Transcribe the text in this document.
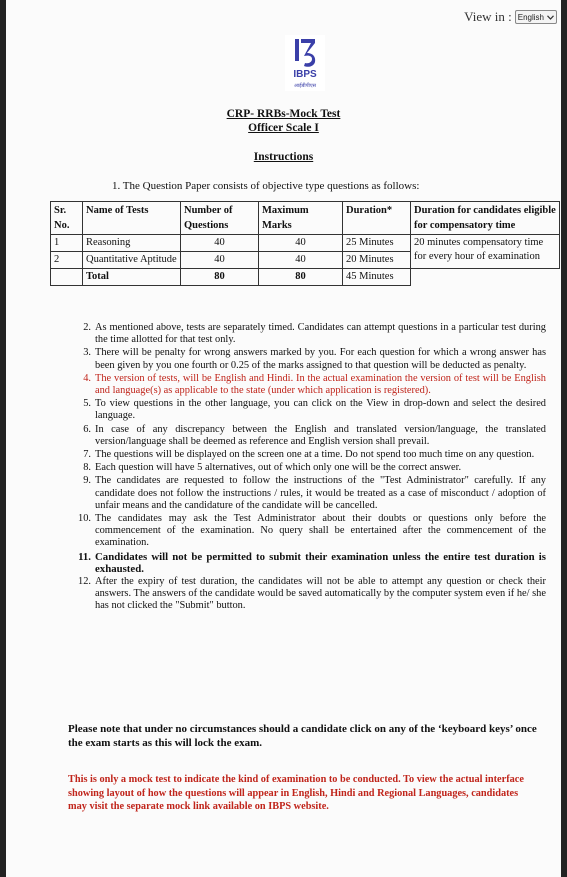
View in : English
IBPS
आईबीपीएस
CRP- RRBs-Mock Test
Officer Scale I
Instructions
1. The Question Paper consists of objective type questions as follows:
Sr. No.	Name of Tests	Number of Questions	Maximum Marks	Duration*	Duration for candidates eligible for compensatory time
1	Reasoning	40	40	25 Minutes	20 minutes compensatory time for every hour of examination
2	Quantitative Aptitude	40	40	20 Minutes	
	Total	80	80	45 Minutes	
2. As mentioned above, tests are separately timed. Candidates can attempt questions in a particular test during the time allotted for that test only.
3. There will be penalty for wrong answers marked by you. For each question for which a wrong answer has been given by you one fourth or 0.25 of the marks assigned to that question will be deducted as penalty.
4. The version of tests, will be English and Hindi. In the actual examination the version of test will be English and language(s) as applicable to the state (under which application is registered).
5. To view questions in the other language, you can click on the View in drop-down and select the desired language.
6. In case of any discrepancy between the English and translated version/language, the translated version/language shall be deemed as reference and English version shall prevail.
7. The questions will be displayed on the screen one at a time. Do not spend too much time on any question.
8. Each question will have 5 alternatives, out of which only one will be the correct answer.
9. The candidates are requested to follow the instructions of the "Test Administrator" carefully. If any candidate does not follow the instructions / rules, it would be treated as a case of misconduct / adoption of unfair means and the candidature of the candidate will be cancelled.
10. The candidates may ask the Test Administrator about their doubts or questions only before the commencement of the examination. No query shall be entertained after the commencement of the examination.
11. Candidates will not be permitted to submit their examination unless the entire test duration is exhausted.
12. After the expiry of test duration, the candidates will not be able to attempt any question or check their answers. The answers of the candidate would be saved automatically by the computer system even if he/ she has not clicked the "Submit" button.
Please note that under no circumstances should a candidate click on any of the ‘keyboard keys’ once the exam starts as this will lock the exam.
This is only a mock test to indicate the kind of examination to be conducted. To view the actual interface showing layout of how the questions will appear in English, Hindi and Regional Languages, candidates may visit the separate mock link available on IBPS website.
